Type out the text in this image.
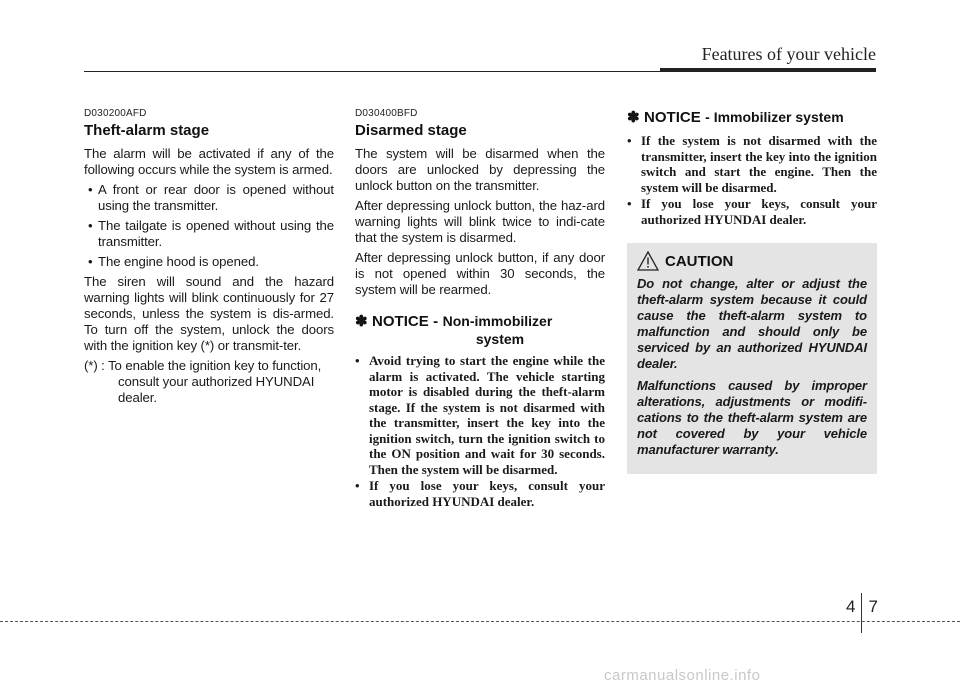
Features of your vehicle
D030200AFD
Theft-alarm stage

The alarm will be activated if any of the following occurs while the system is armed.

• A front or rear door is opened without using the transmitter.
• The tailgate is opened without using the transmitter.
• The engine hood is opened.

The siren will sound and the hazard warning lights will blink continuously for 27 seconds, unless the system is dis-armed. To turn off the system, unlock the doors with the ignition key (*) or transmit-ter.

(*) : To enable the ignition key to function, consult your authorized HYUNDAI dealer.
D030400BFD
Disarmed stage

The system will be disarmed when the doors are unlocked by depressing the unlock button on the transmitter.

After depressing unlock button, the haz-ard warning lights will blink twice to indi-cate that the system is disarmed.

After depressing unlock button, if any door is not opened within 30 seconds, the system will be rearmed.

✽ NOTICE - Non-immobilizer
system
• Avoid trying to start the engine while the alarm is activated. The vehicle starting motor is disabled during the theft-alarm stage. If the system is not disarmed with the transmitter, insert the key into the ignition switch, turn the ignition switch to the ON position and wait for 30 seconds. Then the system will be disarmed.
• If you lose your keys, consult your authorized HYUNDAI dealer.
✽ NOTICE - Immobilizer system
• If the system is not disarmed with the transmitter, insert the key into the ignition switch and start the engine. Then the system will be disarmed.
• If you lose your keys, consult your authorized HYUNDAI dealer.
CAUTION

Do not change, alter or adjust the theft-alarm system because it could cause the theft-alarm system to malfunction and should only be serviced by an authorized HYUNDAI dealer.

Malfunctions caused by improper alterations, adjustments or modifi-cations to the theft-alarm system are not covered by your vehicle manufacturer warranty.

4 7
carmanualsonline.info
